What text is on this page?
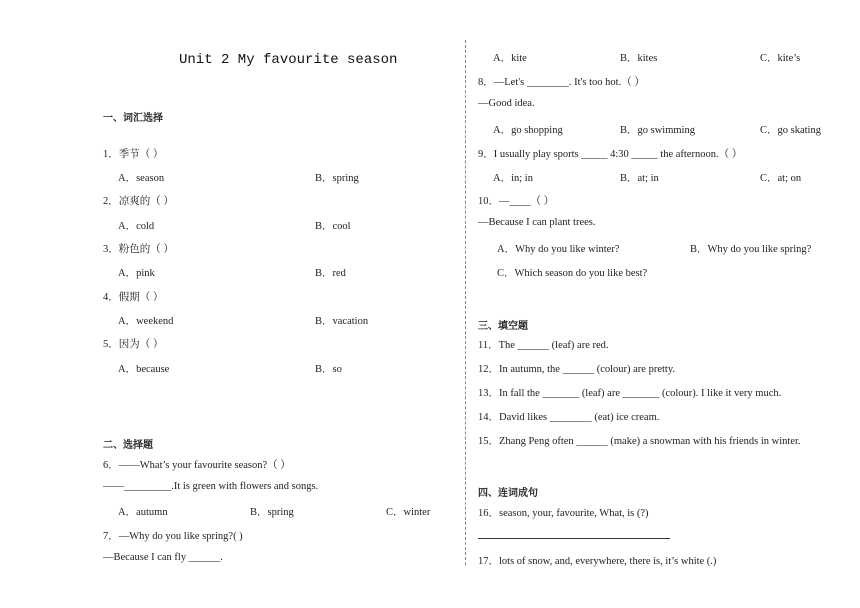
Unit 2 My favourite season
一、词汇选择
1．季节（ ）
A．season	B．spring
2．凉爽的（ ）
A．cold	B．cool
3．粉色的（ ）
A．pink	B．red
4．假期（ ）
A．weekend	B．vacation
5．因为（ ）
A．because	B．so
二、选择题
6．——What’s your favourite season?（ ）
——_________.It is green with flowers and songs.
A．autumn	B．spring	C．winter
7．—Why do you like spring?( )
—Because I can fly ______.
A．kite	B．kites	C．kite’s
8．—Let's ________. It's too hot.（ ）
—Good idea.
A．go shopping	B．go swimming	C．go skating
9．I usually play sports _____ 4:30 _____ the afternoon.（ ）
A．in; in	B．at; in	C．at; on
10．—____（ ）
—Because I can plant trees.
A．Why do you like winter?	B．Why do you like spring?
C．Which season do you like best?
三、填空题
11．The ______ (leaf) are red.
12．In autumn, the ______ (colour) are pretty.
13．In fall the _______ (leaf) are _______ (colour). I like it very much.
14．David likes ________ (eat) ice cream.
15．Zhang Peng often ______ (make) a snowman with his friends in winter.
四、连词成句
16．season, your, favourite, What, is (?)
17．lots of snow, and, everywhere, there is, it’s white (.)
